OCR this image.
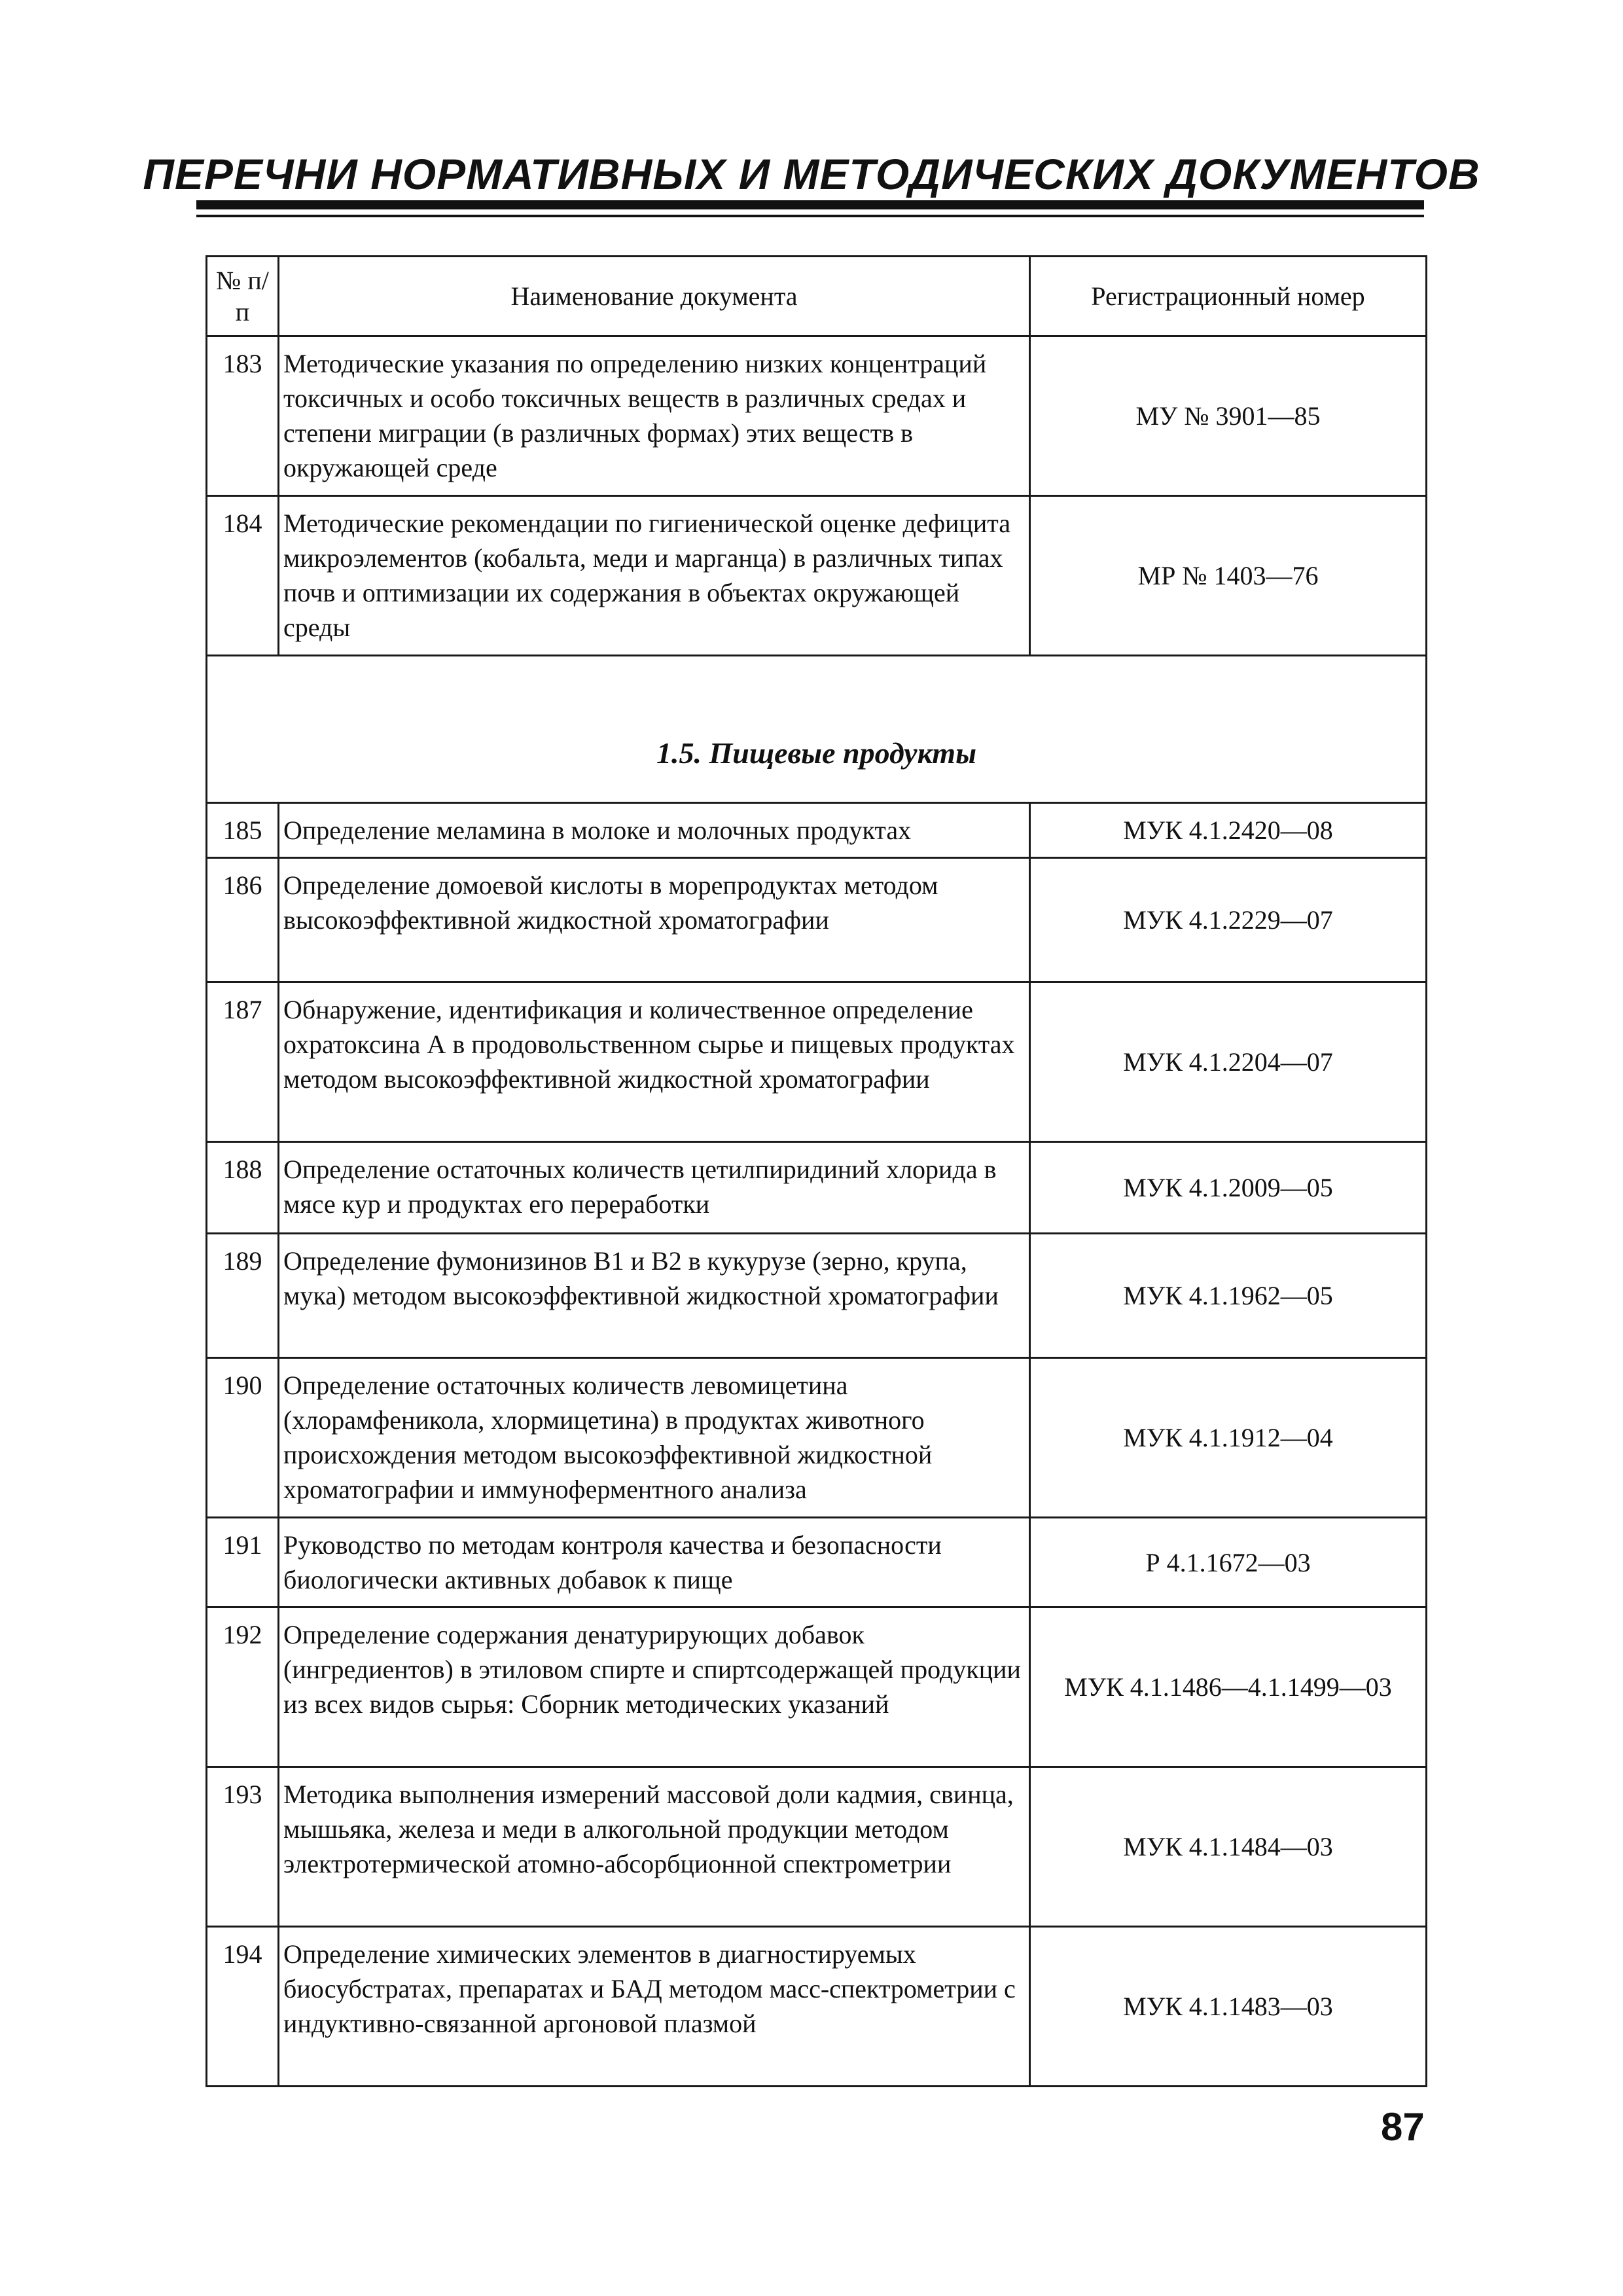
ПЕРЕЧНИ НОРМАТИВНЫХ И МЕТОДИЧЕСКИХ ДОКУМЕНТОВ
№ п/п	Наименование документа	Регистрационный номер
183	Методические указания по определению низких концентраций токсичных и особо токсичных веществ в различных средах и степени миграции (в различных формах) этих веществ в окружающей среде	МУ № 3901—85
184	Методические рекомендации по гигиенической оценке дефицита микроэлементов (кобальта, меди и марганца) в различных типах почв и оптимизации их содержания в объектах окружающей среды	МР № 1403—76
1.5. Пищевые продукты		
185	Определение меламина в молоке и молочных продуктах	МУК 4.1.2420—08
186	Определение домоевой кислоты в морепродуктах методом высокоэффективной жидкостной хроматографии	МУК 4.1.2229—07
187	Обнаружение, идентификация и количественное определение охратоксина А в продовольственном сырье и пищевых продуктах методом высокоэффективной жидкостной хроматографии	МУК 4.1.2204—07
188	Определение остаточных количеств цетилпиридиний хлорида в мясе кур и продуктах его переработки	МУК 4.1.2009—05
189	Определение фумонизинов В1 и В2 в кукурузе (зерно, крупа, мука) методом высокоэффективной жидкостной хроматографии	МУК 4.1.1962—05
190	Определение остаточных количеств левомицетина (хлорамфеникола, хлормицетина) в продуктах животного происхождения методом высокоэффективной жидкостной хроматографии и иммуноферментного анализа	МУК 4.1.1912—04
191	Руководство по методам контроля качества и безопасности биологически активных добавок к пище	Р 4.1.1672—03
192	Определение содержания денатурирующих добавок (ингредиентов) в этиловом спирте и спиртсодержащей продукции из всех видов сырья: Сборник методических указаний	МУК 4.1.1486—4.1.1499—03
193	Методика выполнения измерений массовой доли кадмия, свинца, мышьяка, железа и меди в алкогольной продукции методом электротермической атомно-абсорбционной спектрометрии	МУК 4.1.1484—03
194	Определение химических элементов в диагностируемых биосубстратах, препаратах и БАД методом масс-спектрометрии с индуктивно-связанной аргоновой плазмой	МУК 4.1.1483—03
87
